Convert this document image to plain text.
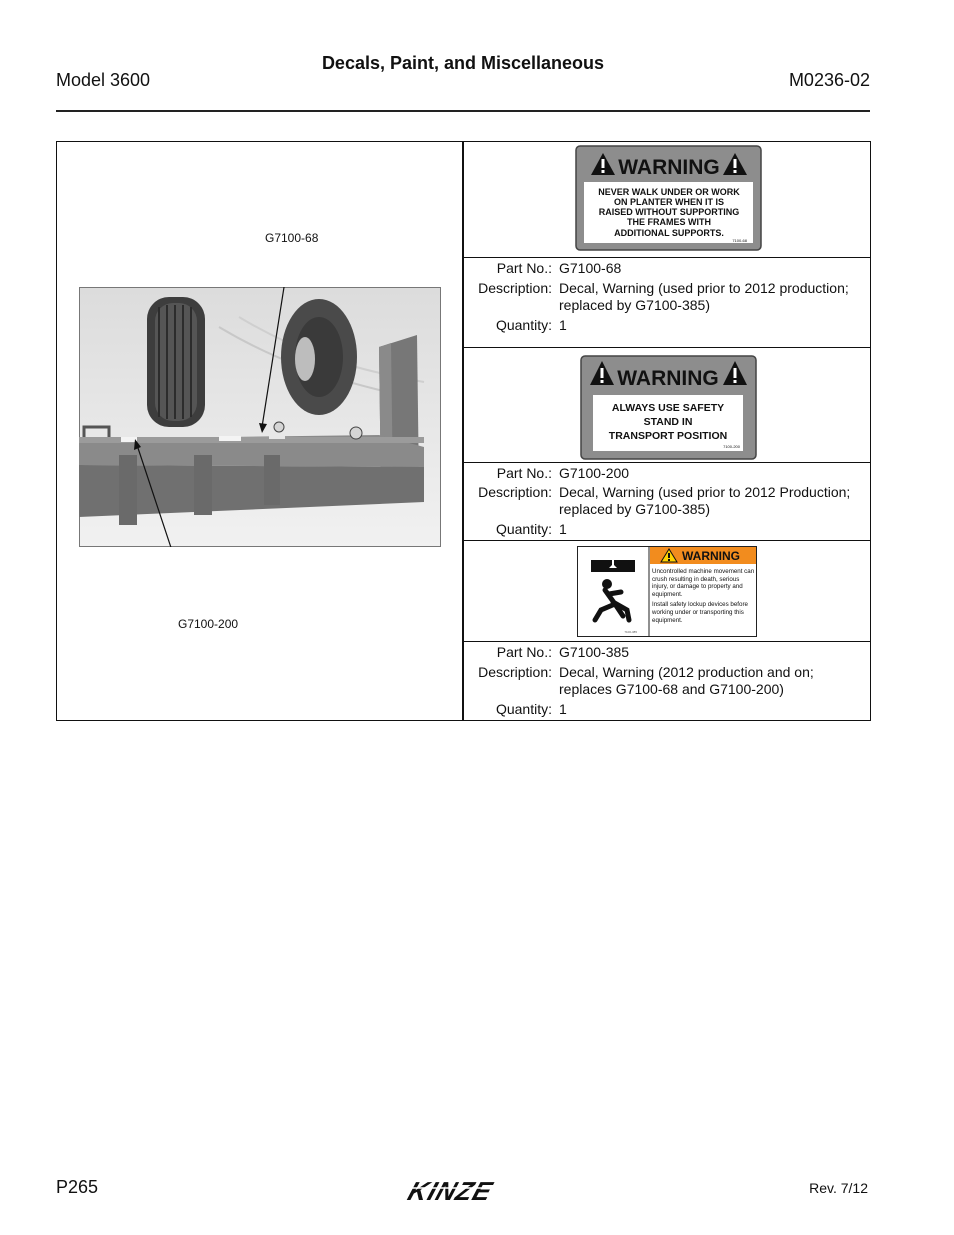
Decals, Paint, and Miscellaneous
Model 3600	M0236-02
G7100-68
G7100-200
WARNING
NEVER WALK UNDER OR WORK
ON PLANTER WHEN IT IS
RAISED WITHOUT SUPPORTING
THE FRAMES WITH
ADDITIONAL SUPPORTS.
7100-68
Part No.: G7100-68
Description: Decal, Warning (used prior to 2012 production; replaced by G7100-385)
Quantity: 1
WARNING
ALWAYS USE SAFETY
STAND IN
TRANSPORT POSITION
7100-200
Part No.: G7100-200
Description: Decal, Warning (used prior to 2012 Production; replaced by G7100-385)
Quantity: 1
WARNING
7100-385
Uncontrolled machine movement can crush resulting in death, serious injury, or damage to property and equipment.
Install safety lockup devices before working under or transporting this equipment.
Part No.: G7100-385
Description: Decal, Warning (2012 production and on; replaces G7100-68 and G7100-200)
Quantity: 1
P265	KINZE	Rev. 7/12
